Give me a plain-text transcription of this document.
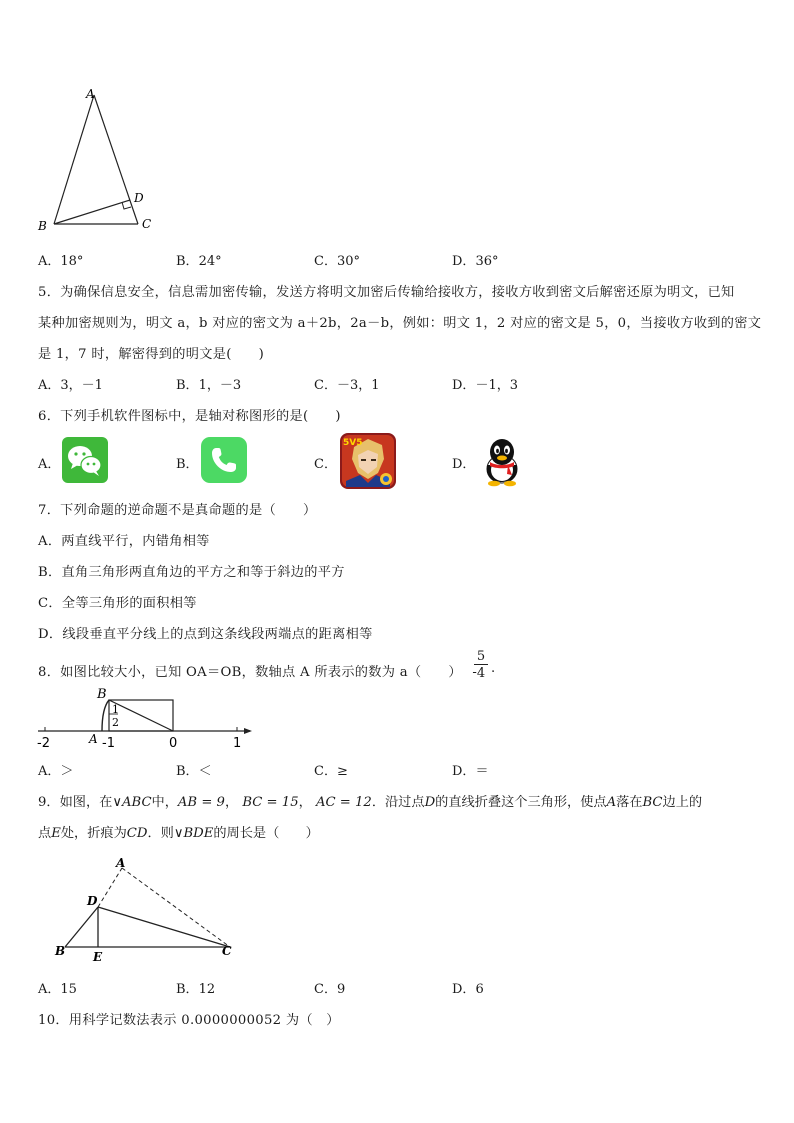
A
B	C
D
A．18°	B．24°	C．30°	D．36°
5．为确保信息安全，信息需加密传输，发送方将明文加密后传输给接收方，接收方收到密文后解密还原为明文，已知
某种加密规则为，明文 a，b 对应的密文为 a＋2b，2a－b，例如：明文 1，2 对应的密文是 5，0，当接收方收到的密文
是 1，7 时，解密得到的明文是(　　)
A．3，－1	B．1，－3	C．－3，1	D．－1，3
6．下列手机软件图标中，是轴对称图形的是(　　)
A．	B．	C．	D．
5V5
7．下列命题的逆命题不是真命题的是（　　）
A．两直线平行，内错角相等
B．直角三角形两直角边的平方之和等于斜边的平方
C．全等三角形的面积相等
D．线段垂直平分线上的点到这条线段两端点的距离相等
8．如图比较大小，已知 OA＝OB，数轴点 A 所表示的数为 a（　　） -
5
4 .
B
A
1
2
-2	-1	0	1
A．＞	B．＜	C．≥	D．＝
9．如图，在∨ABC中，AB = 9， BC = 15， AC = 12．沿过点D的直线折叠这个三角形，使点A落在BC边上的
点E处，折痕为CD．则∨BDE的周长是（　　）
A
D
B E	C
A．15	B．12	C．9	D．6
10．用科学记数法表示 0.0000000052 为（　）
